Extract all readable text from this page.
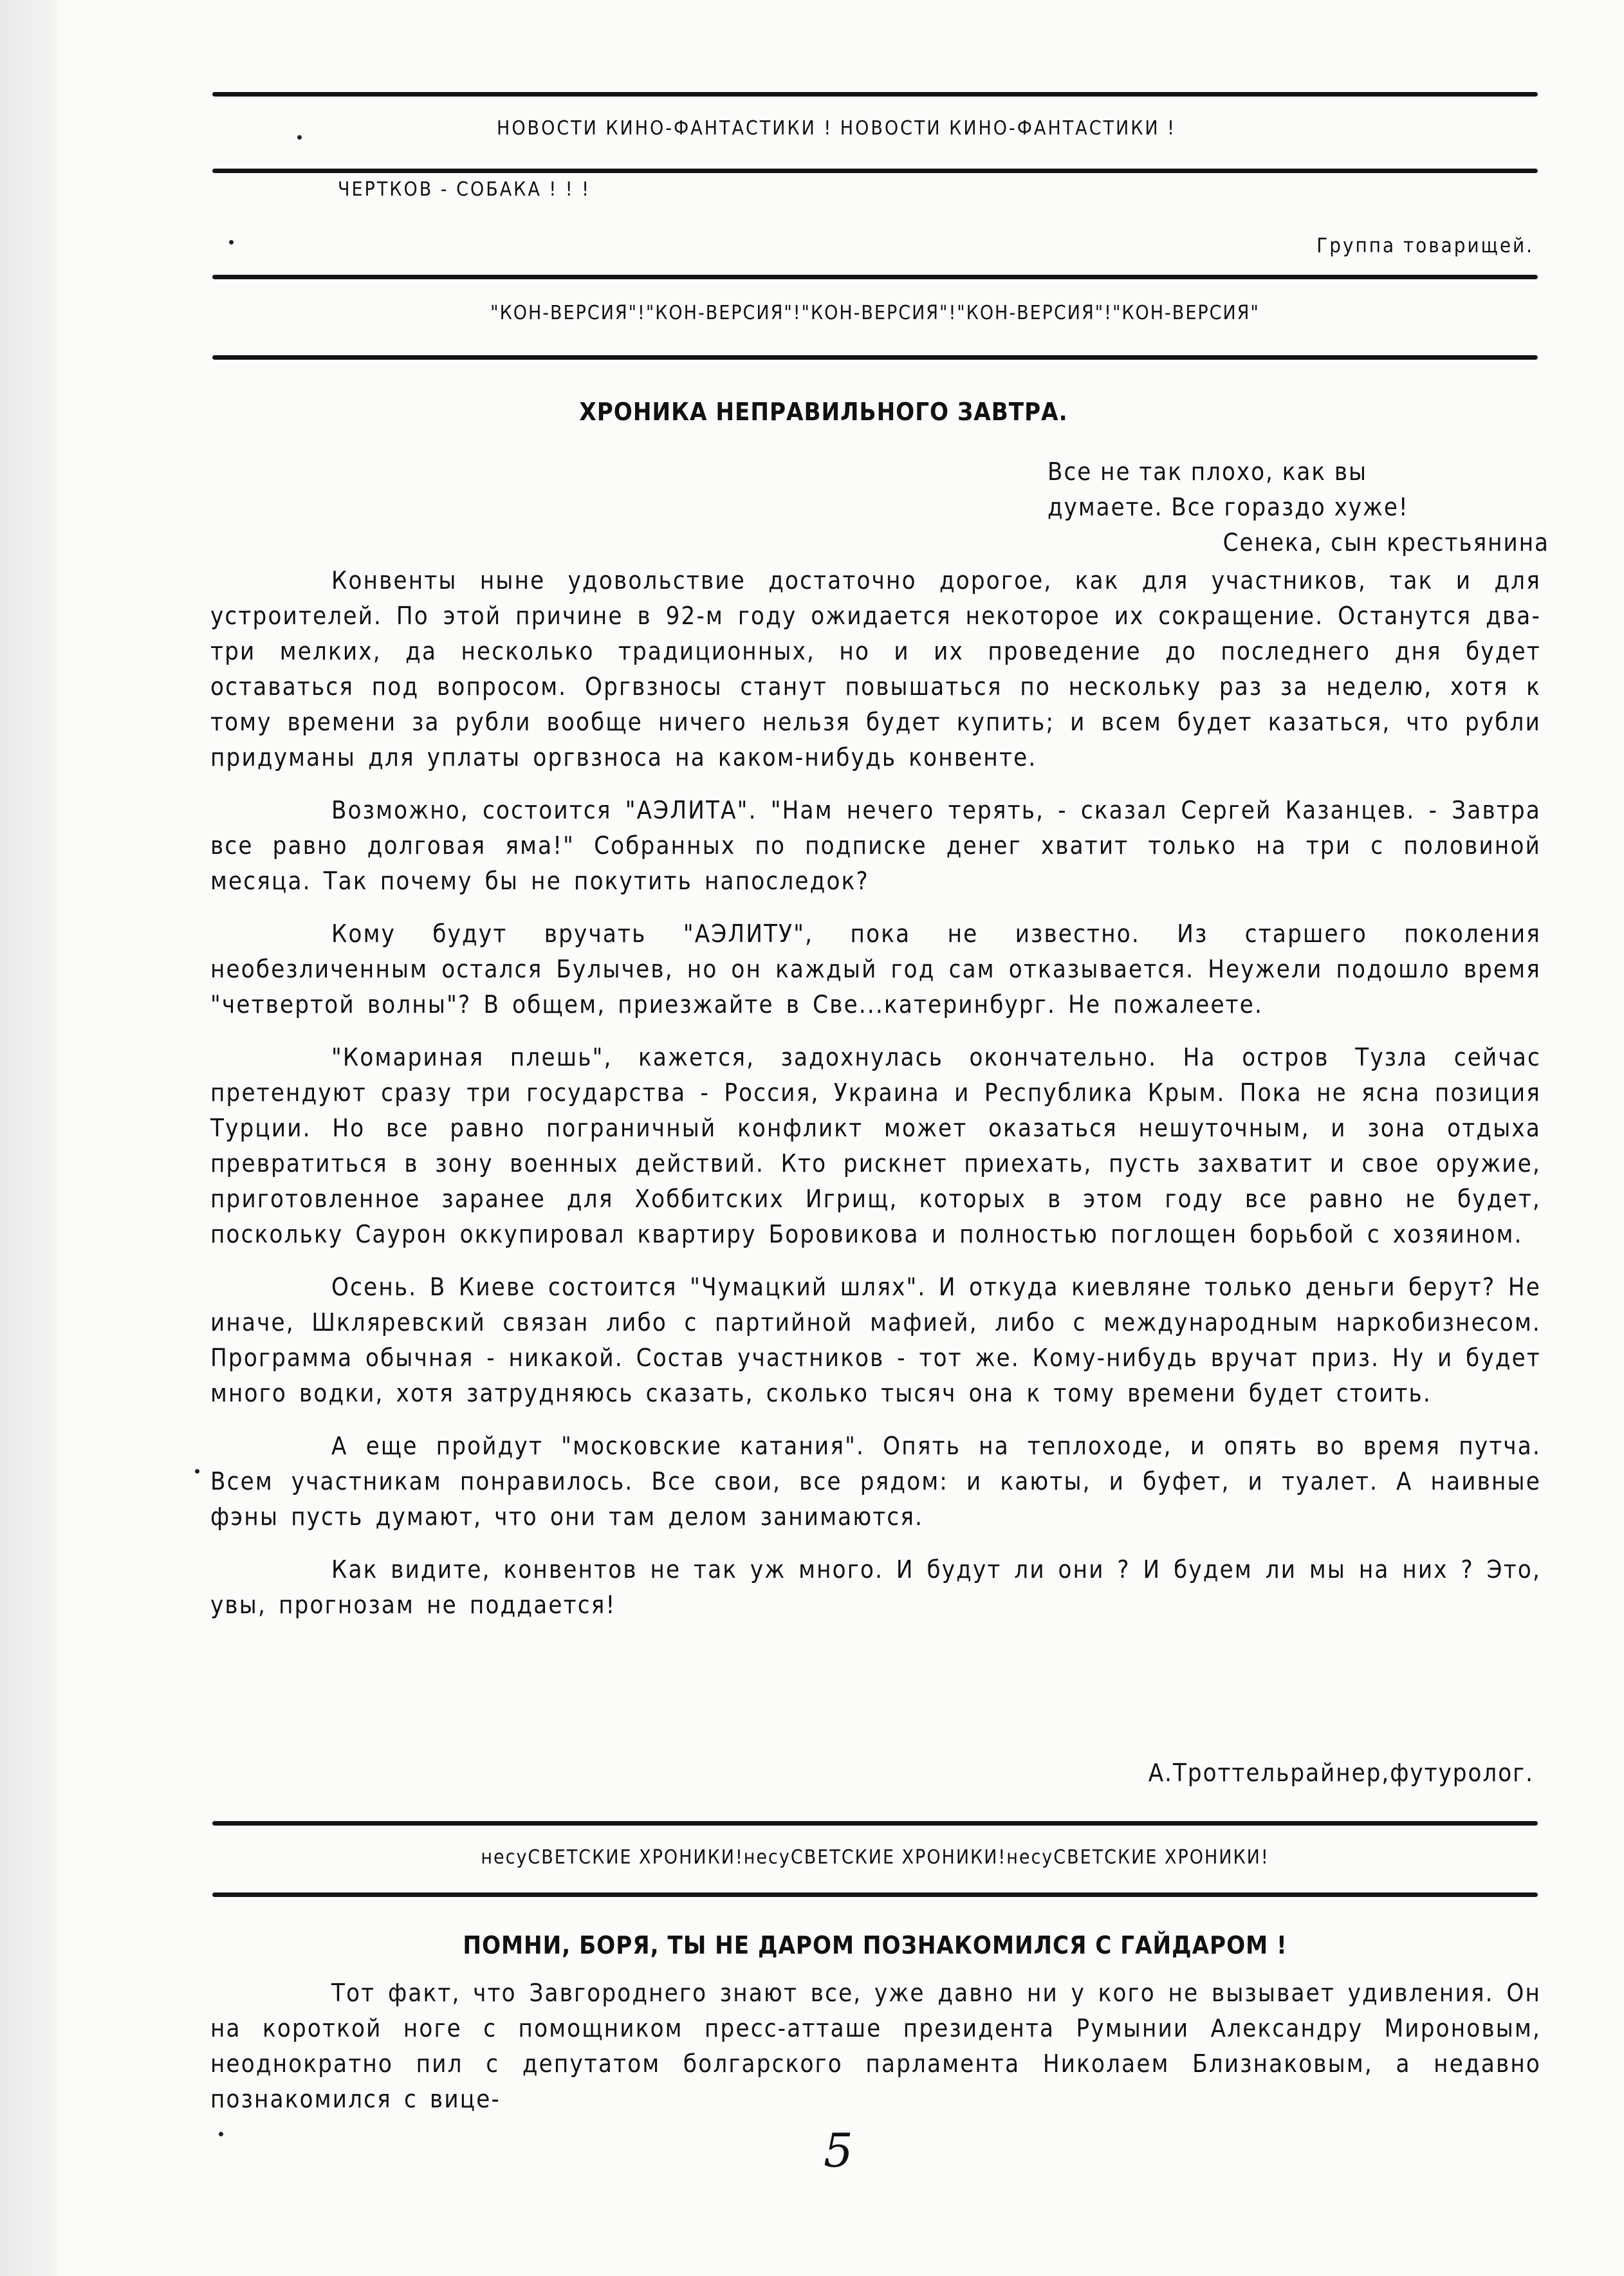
НОВОСТИ КИНО-ФАНТАСТИКИ ! НОВОСТИ КИНО-ФАНТАСТИКИ !
ЧЕРТКОВ - СОБАКА ! ! !
Группа товарищей.
"КОН-ВЕРСИЯ"!"КОН-ВЕРСИЯ"!"КОН-ВЕРСИЯ"!"КОН-ВЕРСИЯ"!"КОН-ВЕРСИЯ"
ХРОНИКА НЕПРАВИЛЬНОГО ЗАВТРА.
Все не так плохо, как вы
думаете. Все гораздо хуже!
Сенека, сын крестьянина

Конвенты ныне удовольствие достаточно дорогое, как для участников, так и для устроителей. По этой причине в 92-м году ожидается некоторое их сокращение. Останутся два-три мелких, да несколько традиционных, но и их проведение до последнего дня будет оставаться под вопросом. Оргвзносы станут повышаться по нескольку раз за неделю, хотя к тому времени за рубли вообще ничего нельзя будет купить; и всем будет казаться, что рубли придуманы для уплаты оргвзноса на каком-нибудь конвенте.

Возможно, состоится "АЭЛИТА". "Нам нечего терять, - сказал Сергей Казанцев. - Завтра все равно долговая яма!" Собранных по подписке денег хватит только на три с половиной месяца. Так почему бы не покутить напоследок?

Кому будут вручать "АЭЛИТУ", пока не известно. Из старшего поколения необезличенным остался Булычев, но он каждый год сам отказывается. Неужели подошло время "четвертой волны"? В общем, приезжайте в Све...катеринбург. Не пожалеете.

"Комариная плешь", кажется, задохнулась окончательно. На остров Тузла сейчас претендуют сразу три государства - Россия, Украина и Республика Крым. Пока не ясна позиция Турции. Но все равно пограничный конфликт может оказаться нешуточным, и зона отдыха превратиться в зону военных действий. Кто рискнет приехать, пусть захватит и свое оружие, приготовленное заранее для Хоббитских Игрищ, которых в этом году все равно не будет, поскольку Саурон оккупировал квартиру Боровикова и полностью поглощен борьбой с хозяином.

Осень. В Киеве состоится "Чумацкий шлях". И откуда киевляне только деньги берут? Не иначе, Шкляревский связан либо с партийной мафией, либо с международным наркобизнесом. Программа обычная - никакой. Состав участников - тот же. Кому-нибудь вручат приз. Ну и будет много водки, хотя затрудняюсь сказать, сколько тысяч она к тому времени будет стоить.

А еще пройдут "московские катания". Опять на теплоходе, и опять во время путча. Всем участникам понравилось. Все свои, все рядом: и каюты, и буфет, и туалет. А наивные фэны пусть думают, что они там делом занимаются.

Как видите, конвентов не так уж много. И будут ли они ? И будем ли мы на них ? Это, увы, прогнозам не поддается!

А.Троттельрайнер,футуролог.
несуСВЕТСКИЕ ХРОНИКИ!несуСВЕТСКИЕ ХРОНИКИ!несуСВЕТСКИЕ ХРОНИКИ!
ПОМНИ, БОРЯ, ТЫ НЕ ДАРОМ ПОЗНАКОМИЛСЯ С ГАЙДАРОМ !

Тот факт, что Завгороднего знают все, уже давно ни у кого не вызывает удивления. Он на короткой ноге с помощником пресс-атташе президента Румынии Александру Мироновым, неоднократно пил с депутатом болгарского парламента Николаем Близнаковым, а недавно познакомился с вице-

5
